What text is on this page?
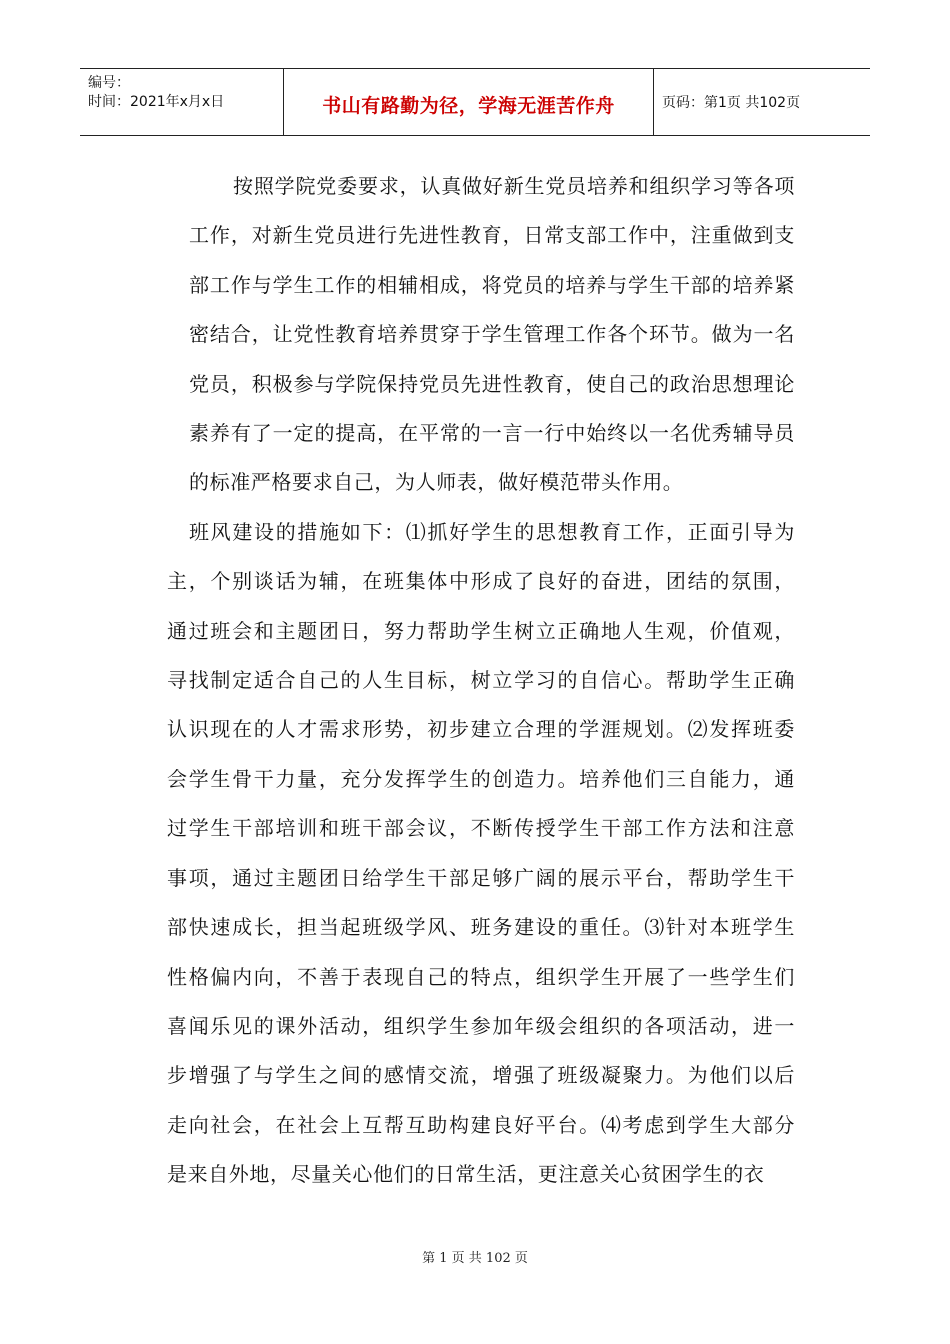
编号：
时间：2021年x月x日	书山有路勤为径，学海无涯苦作舟	页码：第1页 共102页
按照学院党委要求，认真做好新生党员培养和组织学习等各项
工作，对新生党员进行先进性教育，日常支部工作中，注重做到支
部工作与学生工作的相辅相成，将党员的培养与学生干部的培养紧
密结合，让党性教育培养贯穿于学生管理工作各个环节。做为一名
党员，积极参与学院保持党员先进性教育，使自己的政治思想理论
素养有了一定的提高，在平常的一言一行中始终以一名优秀辅导员
的标准严格要求自己，为人师表，做好模范带头作用。
班风建设的措施如下：⑴抓好学生的思想教育工作，正面引导为
主，个别谈话为辅，在班集体中形成了良好的奋进，团结的氛围，
通过班会和主题团日，努力帮助学生树立正确地人生观，价值观，
寻找制定适合自己的人生目标，树立学习的自信心。帮助学生正确
认识现在的人才需求形势，初步建立合理的学涯规划。⑵发挥班委
会学生骨干力量，充分发挥学生的创造力。培养他们三自能力，通
过学生干部培训和班干部会议，不断传授学生干部工作方法和注意
事项，通过主题团日给学生干部足够广阔的展示平台，帮助学生干
部快速成长，担当起班级学风、班务建设的重任。⑶针对本班学生
性格偏内向，不善于表现自己的特点，组织学生开展了一些学生们
喜闻乐见的课外活动，组织学生参加年级会组织的各项活动，进一
步增强了与学生之间的感情交流，增强了班级凝聚力。为他们以后
走向社会，在社会上互帮互助构建良好平台。⑷考虑到学生大部分
是来自外地，尽量关心他们的日常生活，更注意关心贫困学生的衣
第 1 页 共 102 页
